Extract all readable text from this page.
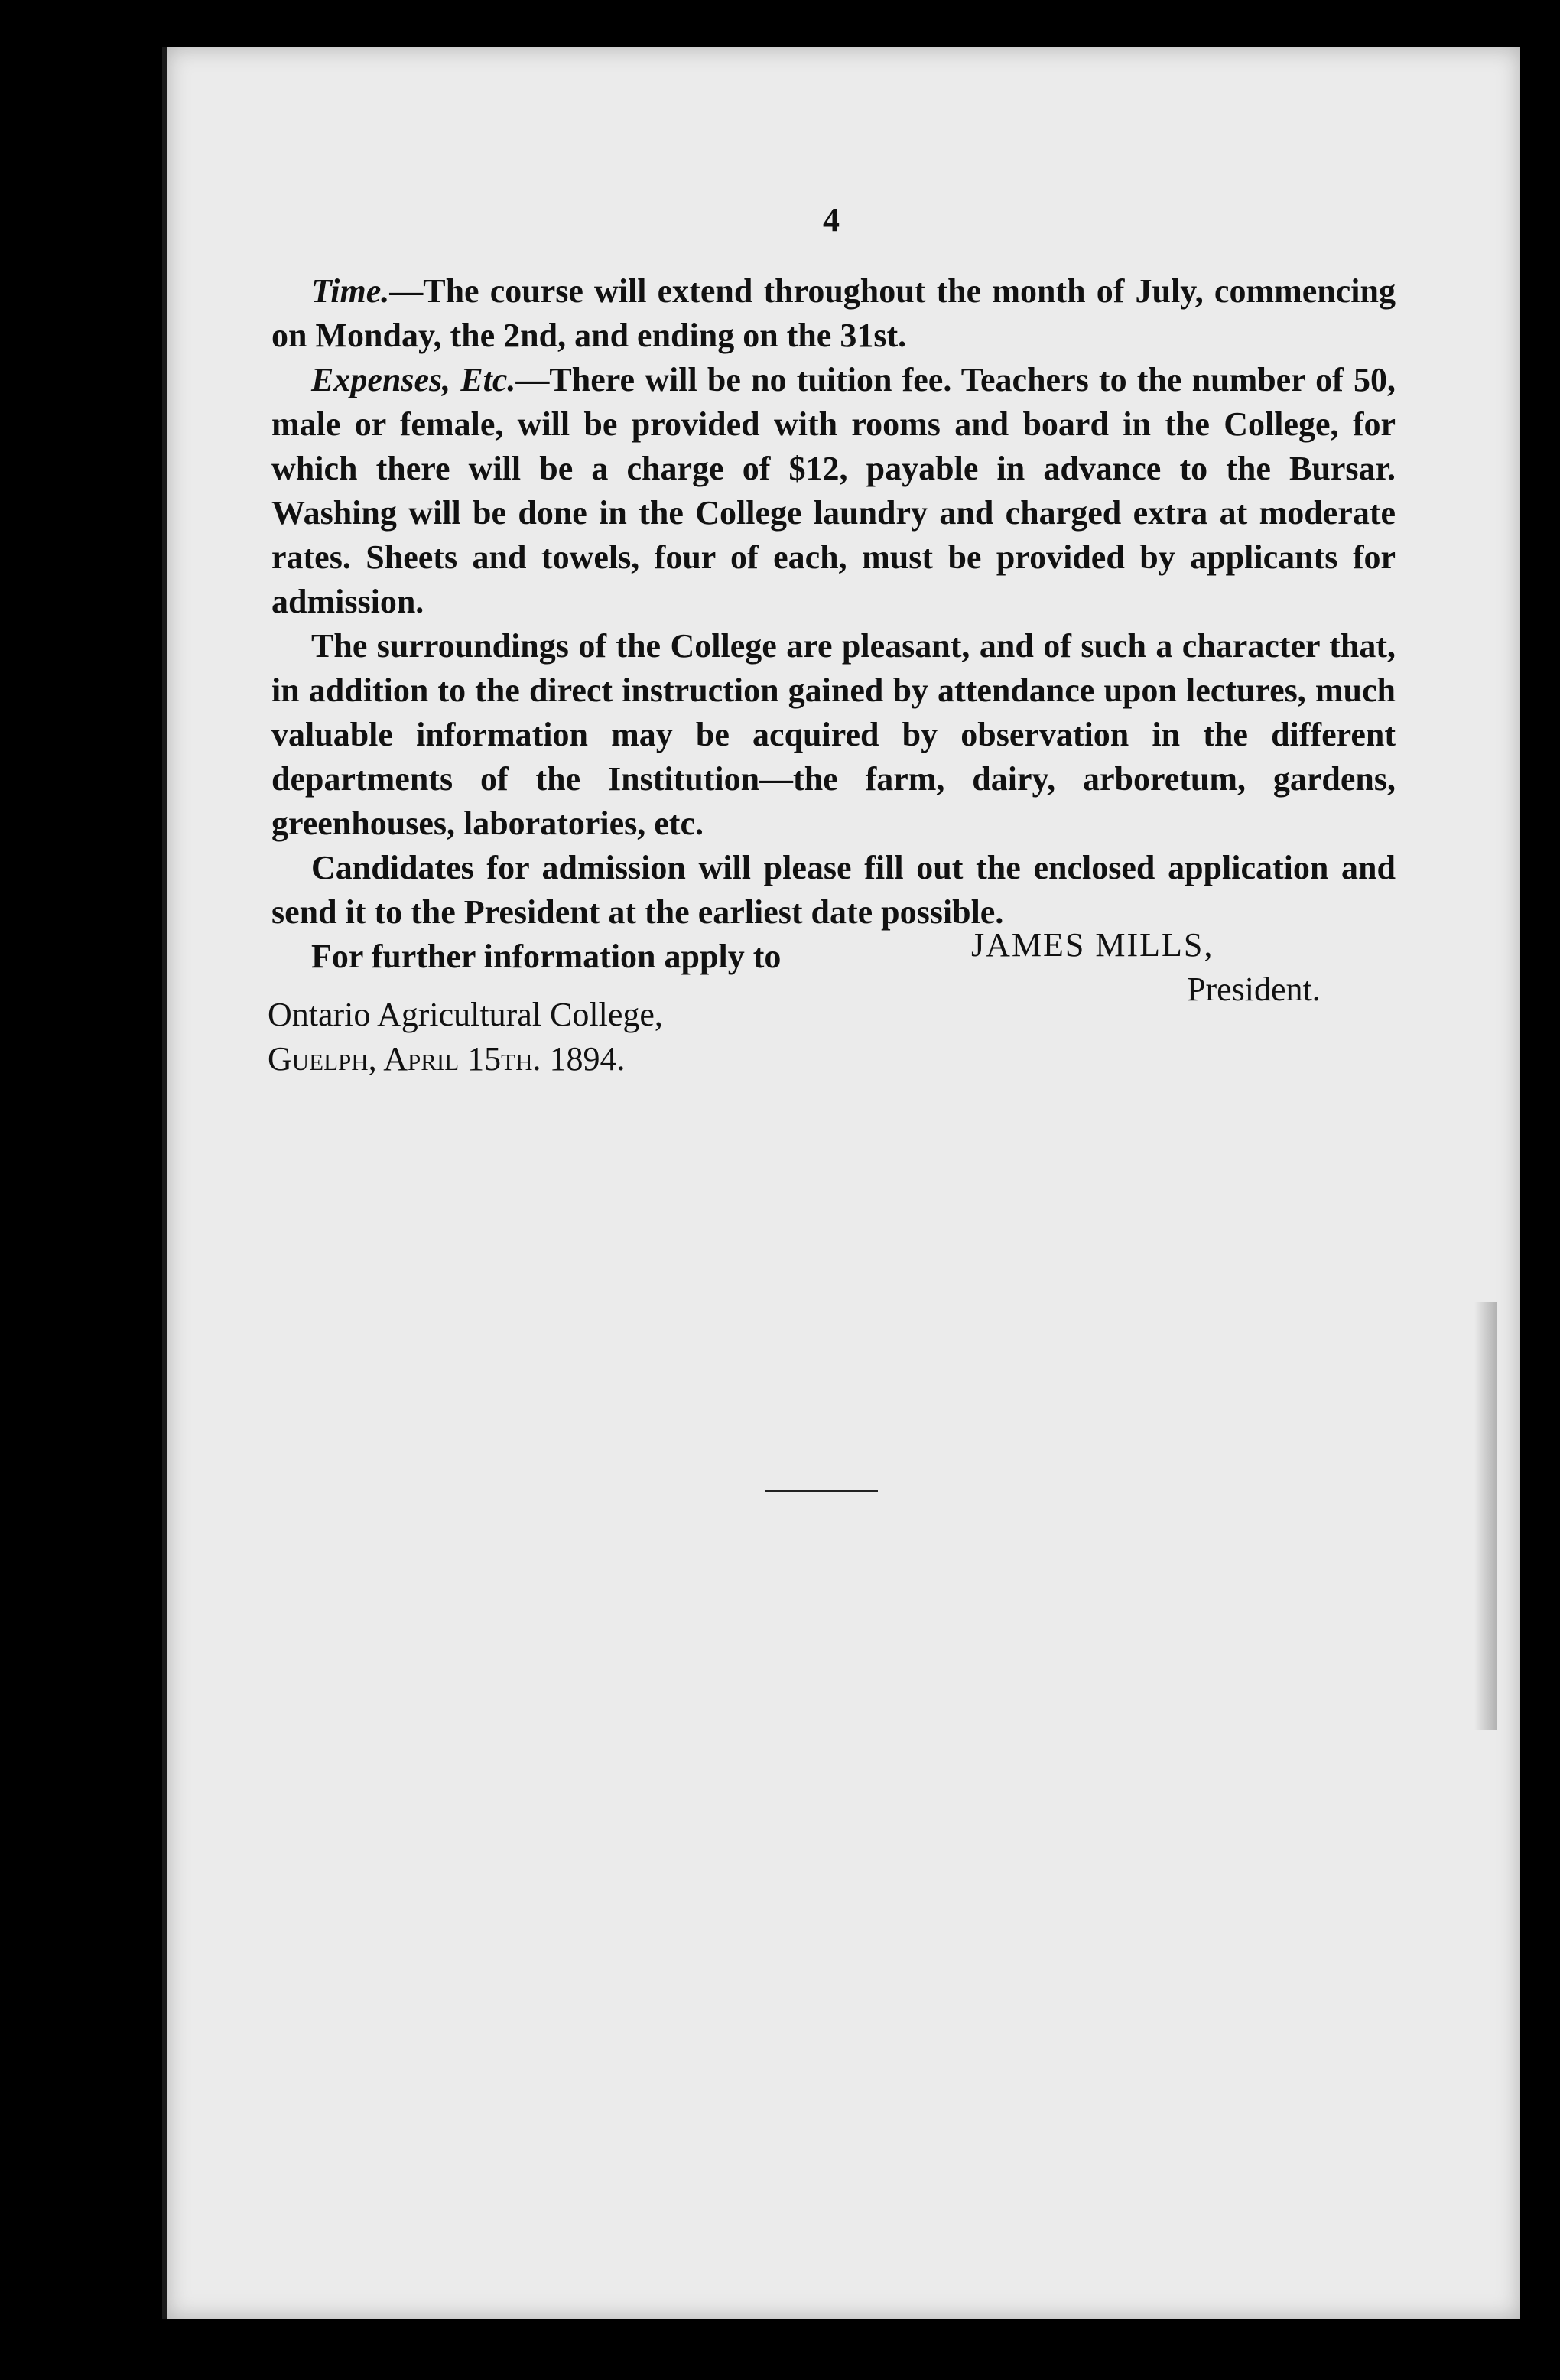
4

Time.—The course will extend throughout the month of July, commencing on Monday, the 2nd, and ending on the 31st.

Expenses, Etc.—There will be no tuition fee. Teachers to the number of 50, male or female, will be provided with rooms and board in the College, for which there will be a charge of $12, payable in advance to the Bursar. Washing will be done in the College laundry and charged extra at moderate rates. Sheets and towels, four of each, must be provided by applicants for admission.

The surroundings of the College are pleasant, and of such a character that, in addition to the direct instruction gained by attendance upon lectures, much valuable information may be acquired by observation in the different departments of the Institution—the farm, dairy, arboretum, gardens, greenhouses, laboratories, etc.

Candidates for admission will please fill out the enclosed application and send it to the President at the earliest date possible.

For further information apply to	JAMES MILLS,
President.
Ontario Agricultural College,
Guelph, April 15th. 1894.
